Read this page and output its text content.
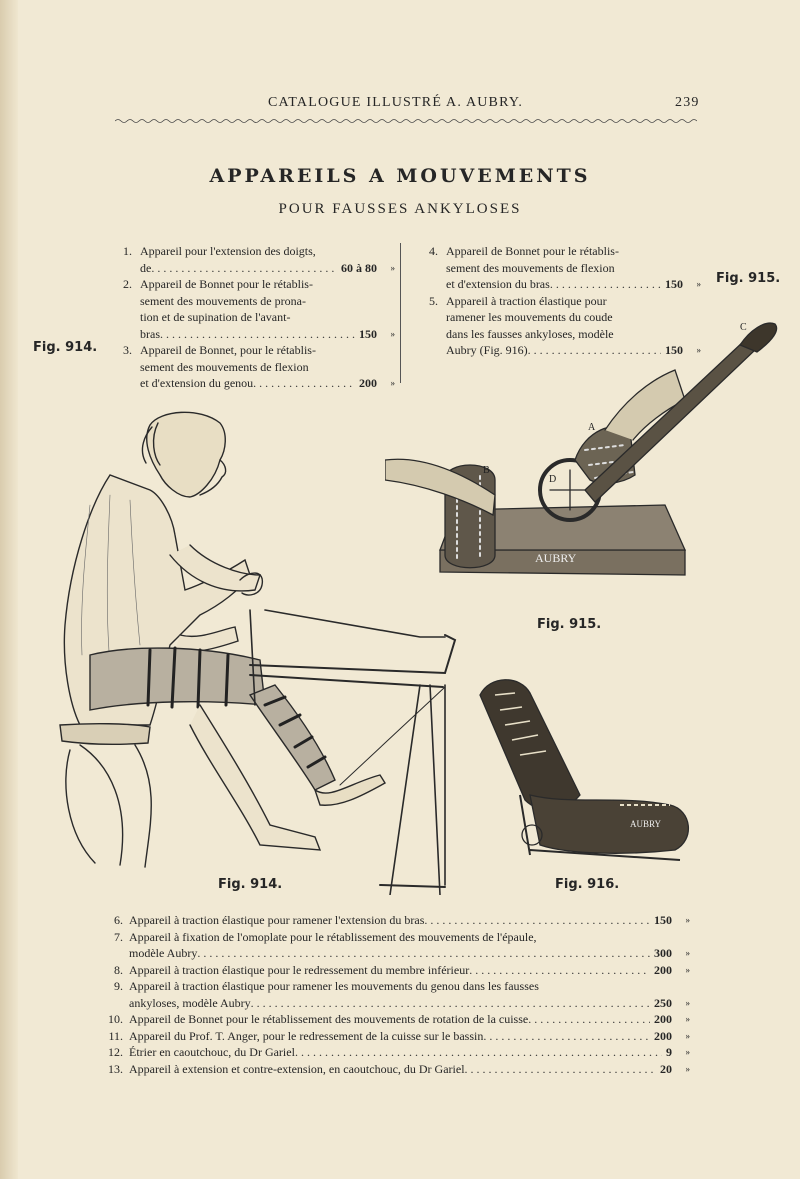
CATALOGUE ILLUSTRÉ A. AUBRY.	239
APPAREILS A MOUVEMENTS
POUR FAUSSES ANKYLOSES
1. Appareil pour l'extension des doigts,
de . . .	60 à 80	»
2. Appareil de Bonnet pour le rétablis-
sement des mouvements de prona-
tion et de supination de l'avant-
bras . . .	150	»
3. Appareil de Bonnet, pour le rétablis-
sement des mouvements de flexion
et d'extension du genou . . .	200	»
4. Appareil de Bonnet pour le rétablis-
sement des mouvements de flexion
et d'extension du bras . . .	150	»
5. Appareil à traction élastique pour
ramener les mouvements du coude
dans les fausses ankyloses, modèle
Aubry (Fig. 916) . . .	150	»
Fig. 914.
Fig. 915.
Fig. 914.
AUBRY
A
B
C
D
Fig. 915.
AUBRY
Fig. 916.
6. Appareil à traction élastique pour ramener l'extension du bras . . .	150	»
7. Appareil à fixation de l'omoplate pour le rétablissement des mouvements de l'épaule,
modèle Aubry . . .	300	»
8. Appareil à traction élastique pour le redressement du membre inférieur . . .	200	»
9. Appareil à traction élastique pour ramener les mouvements du genou dans les fausses
ankyloses, modèle Aubry . . .	250	»
10. Appareil de Bonnet pour le rétablissement des mouvements de rotation de la cuisse . . .	200	»
11. Appareil du Prof. T. Anger, pour le redressement de la cuisse sur le bassin . . .	200	»
12. Étrier en caoutchouc, du Dr Gariel . . .	9	»
13. Appareil à extension et contre-extension, en caoutchouc, du Dr Gariel . . .	20	»
